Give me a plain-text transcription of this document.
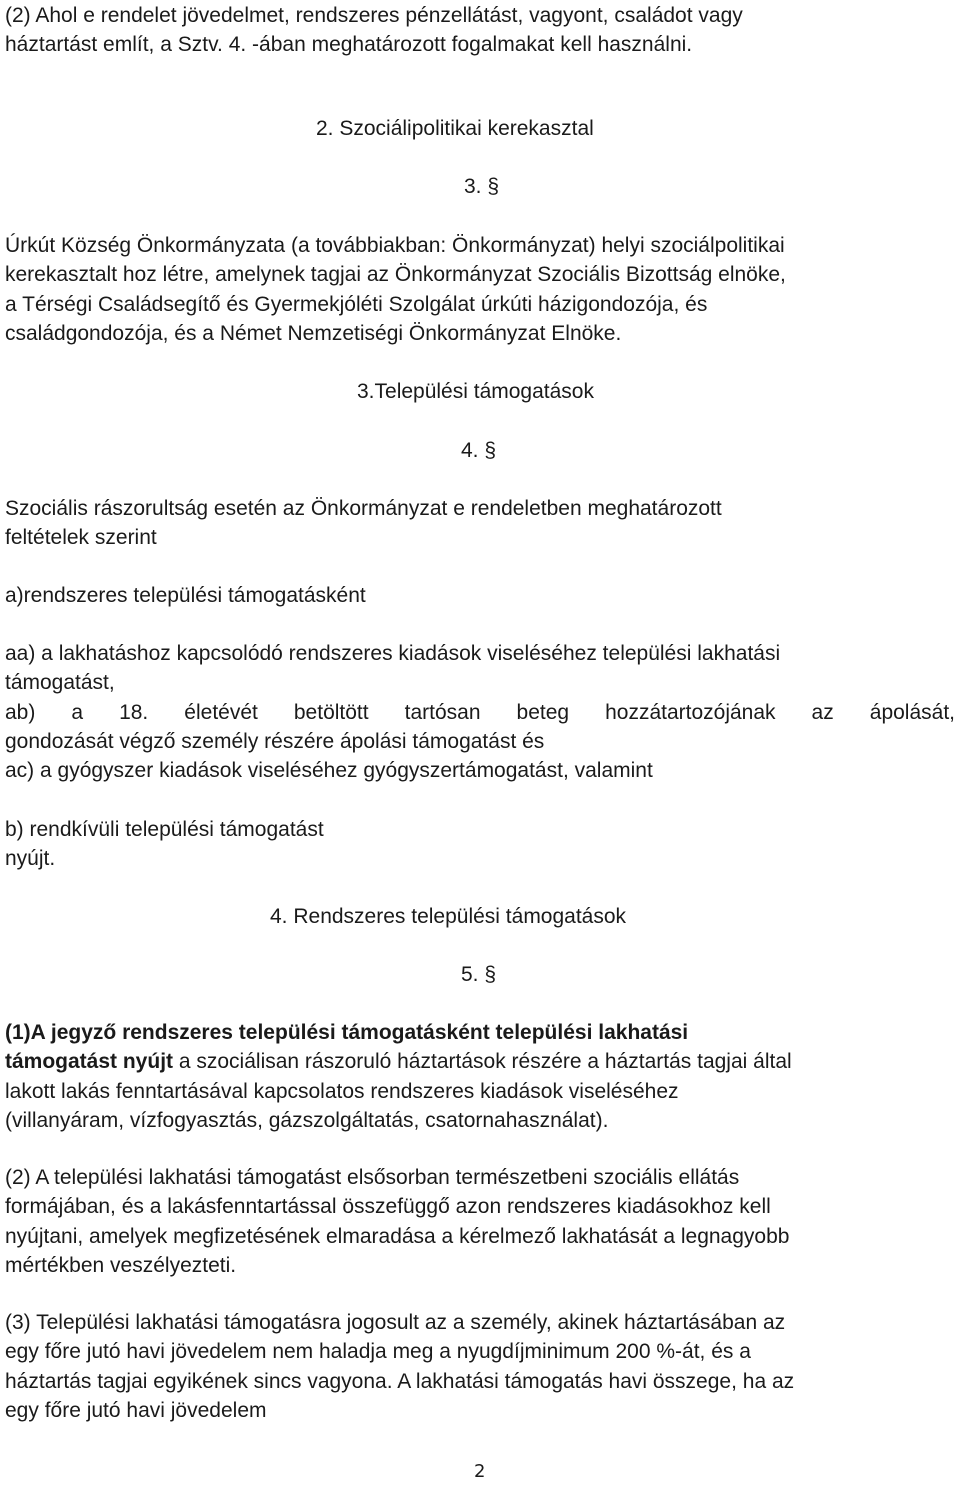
(2) Ahol e rendelet jövedelmet, rendszeres pénzellátást, vagyont, családot vagy

háztartást említ, a Sztv. 4. -ában meghatározott fogalmakat kell használni.

2. Szociálipolitikai kerekasztal

3. §

Úrkút Község Önkormányzata (a továbbiakban: Önkormányzat) helyi szociálpolitikai

kerekasztalt hoz létre, amelynek tagjai az Önkormányzat Szociális Bizottság elnöke,

a Térségi Családsegítő és Gyermekjóléti Szolgálat úrkúti házigondozója, és

családgondozója, és a Német Nemzetiségi Önkormányzat Elnöke.

3.Települési támogatások

4. §

Szociális rászorultság esetén az Önkormányzat e rendeletben meghatározott

feltételek szerint

a)rendszeres települési támogatásként

aa) a lakhatáshoz kapcsolódó rendszeres kiadások viseléséhez települési lakhatási

támogatást,

ab) a 18. életévét betöltött tartósan beteg hozzátartozójának az ápolását,

gondozását végző személy részére ápolási támogatást és

ac) a gyógyszer kiadások viseléséhez gyógyszertámogatást, valamint

b) rendkívüli települési támogatást

nyújt.

4. Rendszeres települési támogatások

5. §

(1)A jegyző rendszeres települési támogatásként települési lakhatási

támogatást nyújt a szociálisan rászoruló háztartások részére a háztartás tagjai által

lakott lakás fenntartásával kapcsolatos rendszeres kiadások viseléséhez

(villanyáram, vízfogyasztás, gázszolgáltatás, csatornahasználat).

(2) A települési lakhatási támogatást elsősorban természetbeni szociális ellátás

formájában, és a lakásfenntartással összefüggő azon rendszeres kiadásokhoz kell

nyújtani, amelyek megfizetésének elmaradása a kérelmező lakhatását a legnagyobb

mértékben veszélyezteti.

(3) Települési lakhatási támogatásra jogosult az a személy, akinek háztartásában az

egy főre jutó havi jövedelem nem haladja meg a nyugdíjminimum 200 %-át, és a

háztartás tagjai egyikének sincs vagyona. A lakhatási támogatás havi összege, ha az

egy főre jutó havi jövedelem

2
